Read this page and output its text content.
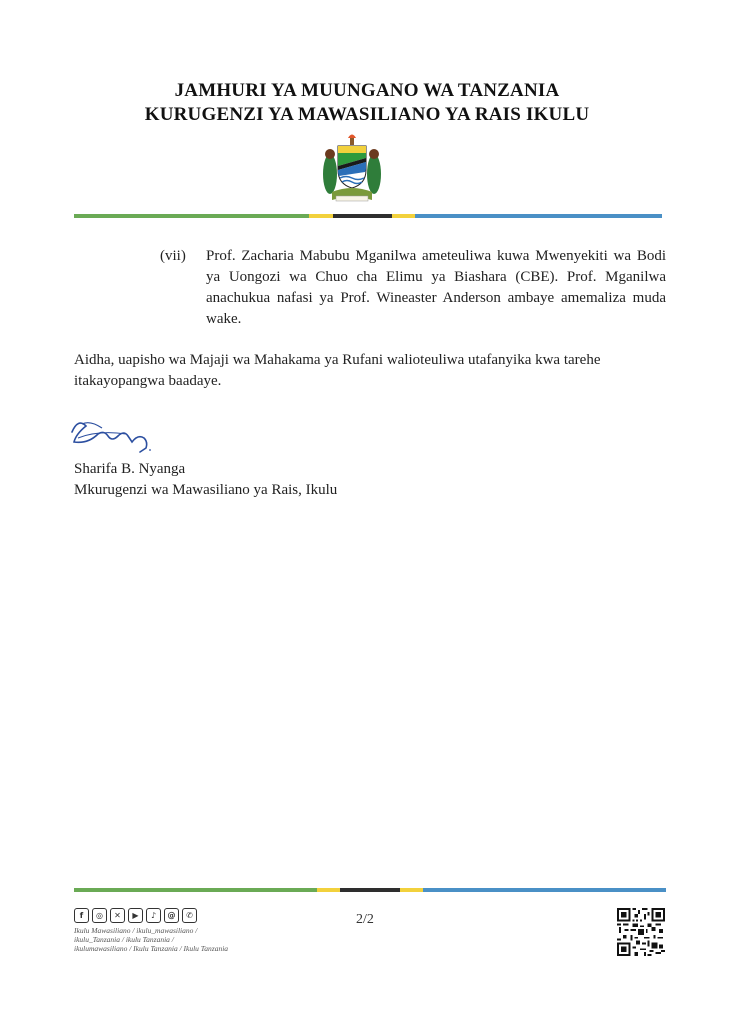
JAMHURI YA MUUNGANO WA TANZANIA
KURUGENZI YA MAWASILIANO YA RAIS IKULU
(vii) Prof. Zacharia Mabubu Mganilwa ameteuliwa kuwa Mwenyekiti wa Bodi ya Uongozi wa Chuo cha Elimu ya Biashara (CBE). Prof. Mganilwa anachukua nafasi ya Prof. Wineaster Anderson ambaye amemaliza muda wake.
Aidha, uapisho wa Majaji wa Mahakama ya Rufani walioteuliwa utafanyika kwa tarehe itakayopangwa baadaye.
Sharifa B. Nyanga
Mkurugenzi wa Mawasiliano ya Rais, Ikulu
f	◎	✕	▶	♪	@	✆
Ikulu Mawasiliano / ikulu_mawasiliano /
ikulu_Tanzania / ikulu Tanzania /
ikulumawasiliano / Ikulu Tanzania / Ikulu Tanzania
2/2
